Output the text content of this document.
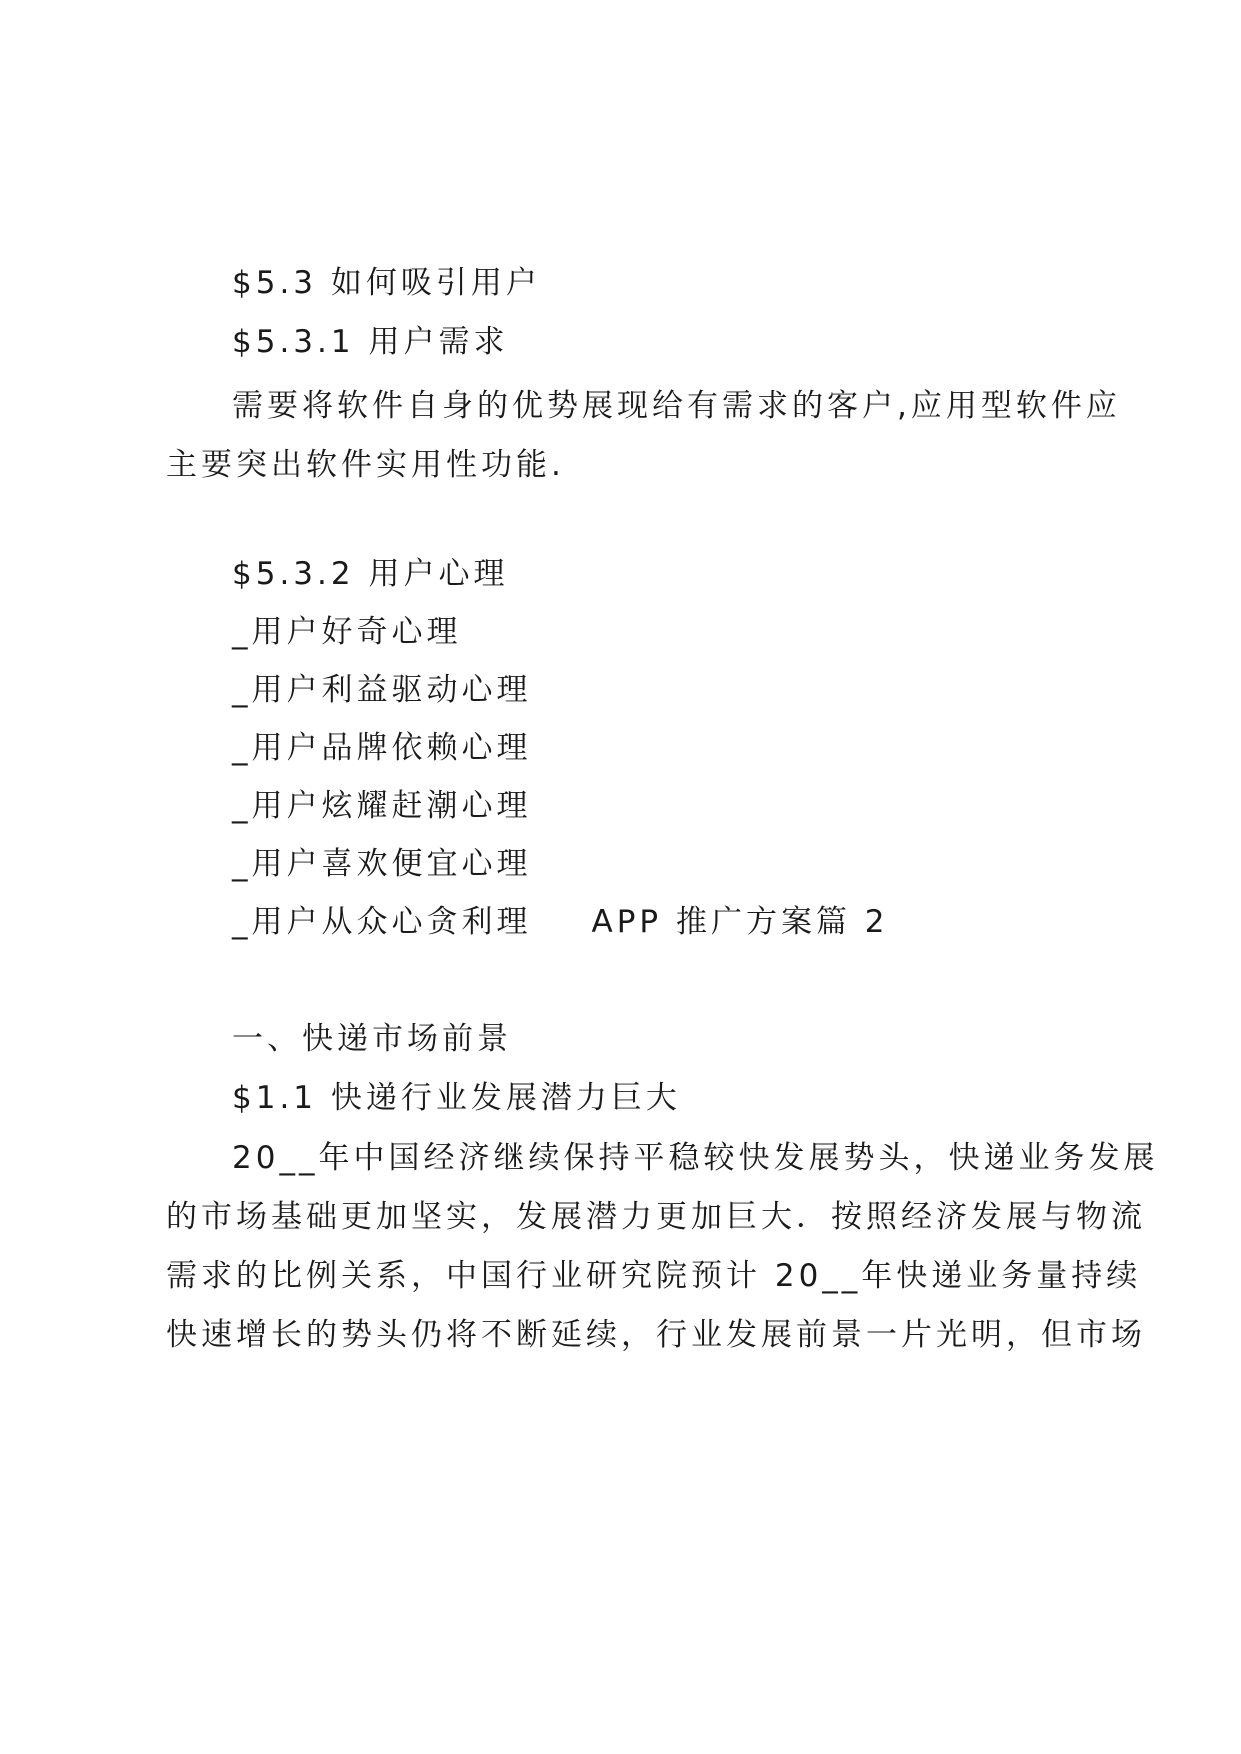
$5.3 如何吸引用户
$5.3.1 用户需求
需要将软件自身的优势展现给有需求的客户,应用型软件应
主要突出软件实用性功能.
$5.3.2 用户心理
_用户好奇心理
_用户利益驱动心理
_用户品牌依赖心理
_用户炫耀赶潮心理
_用户喜欢便宜心理
_用户从众心贪利理 APP 推广方案篇 2
一、快递市场前景
$1.1 快递行业发展潜力巨大
20__年中国经济继续保持平稳较快发展势头，快递业务发展
的市场基础更加坚实，发展潜力更加巨大．按照经济发展与物流
需求的比例关系，中国行业研究院预计 20__年快递业务量持续
快速增长的势头仍将不断延续，行业发展前景一片光明，但市场
